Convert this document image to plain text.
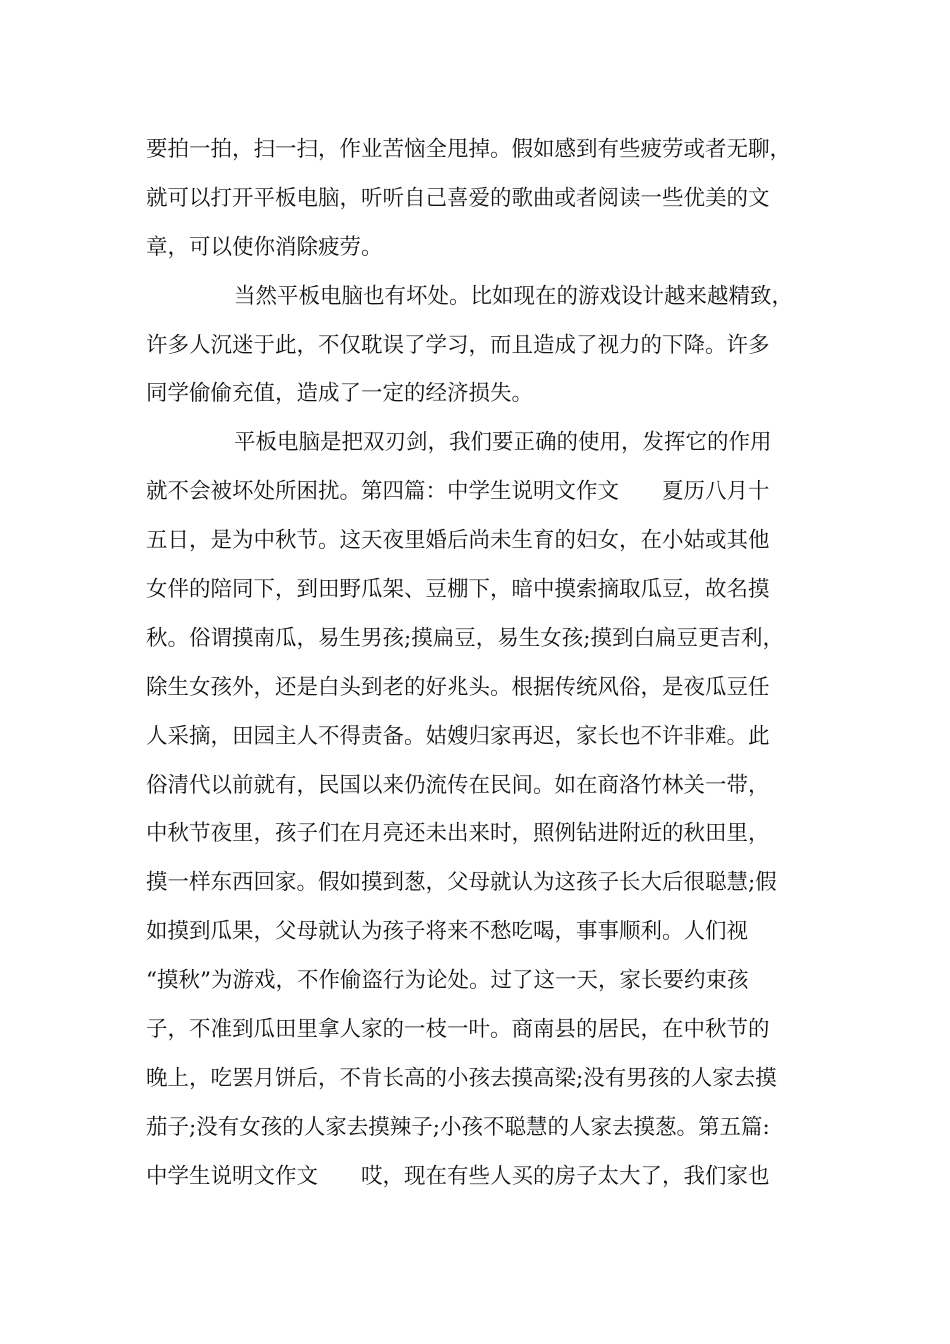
要拍一拍，扫一扫，作业苦恼全甩掉。假如感到有些疲劳或者无聊，
就可以打开平板电脑，听听自己喜爱的歌曲或者阅读一些优美的文
章，可以使你消除疲劳。
当然平板电脑也有坏处。比如现在的游戏设计越来越精致，
许多人沉迷于此，不仅耽误了学习，而且造成了视力的下降。许多
同学偷偷充值，造成了一定的经济损失。
平板电脑是把双刃剑，我们要正确的使用，发挥它的作用
就不会被坏处所困扰。第四篇：中学生说明文作文　　夏历八月十
五日，是为中秋节。这天夜里婚后尚未生育的妇女，在小姑或其他
女伴的陪同下，到田野瓜架、豆棚下，暗中摸索摘取瓜豆，故名摸
秋。俗谓摸南瓜，易生男孩;摸扁豆，易生女孩;摸到白扁豆更吉利，
除生女孩外，还是白头到老的好兆头。根据传统风俗，是夜瓜豆任
人采摘，田园主人不得责备。姑嫂归家再迟，家长也不许非难。此
俗清代以前就有，民国以来仍流传在民间。如在商洛竹林关一带，
中秋节夜里，孩子们在月亮还未出来时，照例钻进附近的秋田里，
摸一样东西回家。假如摸到葱，父母就认为这孩子长大后很聪慧;假
如摸到瓜果，父母就认为孩子将来不愁吃喝，事事顺利。人们视
“摸秋”为游戏，不作偷盗行为论处。过了这一天，家长要约束孩
子，不准到瓜田里拿人家的一枝一叶。商南县的居民，在中秋节的
晚上，吃罢月饼后，不肯长高的小孩去摸高梁;没有男孩的人家去摸
茄子;没有女孩的人家去摸辣子;小孩不聪慧的人家去摸葱。第五篇:
中学生说明文作文　　哎，现在有些人买的房子太大了，我们家也
